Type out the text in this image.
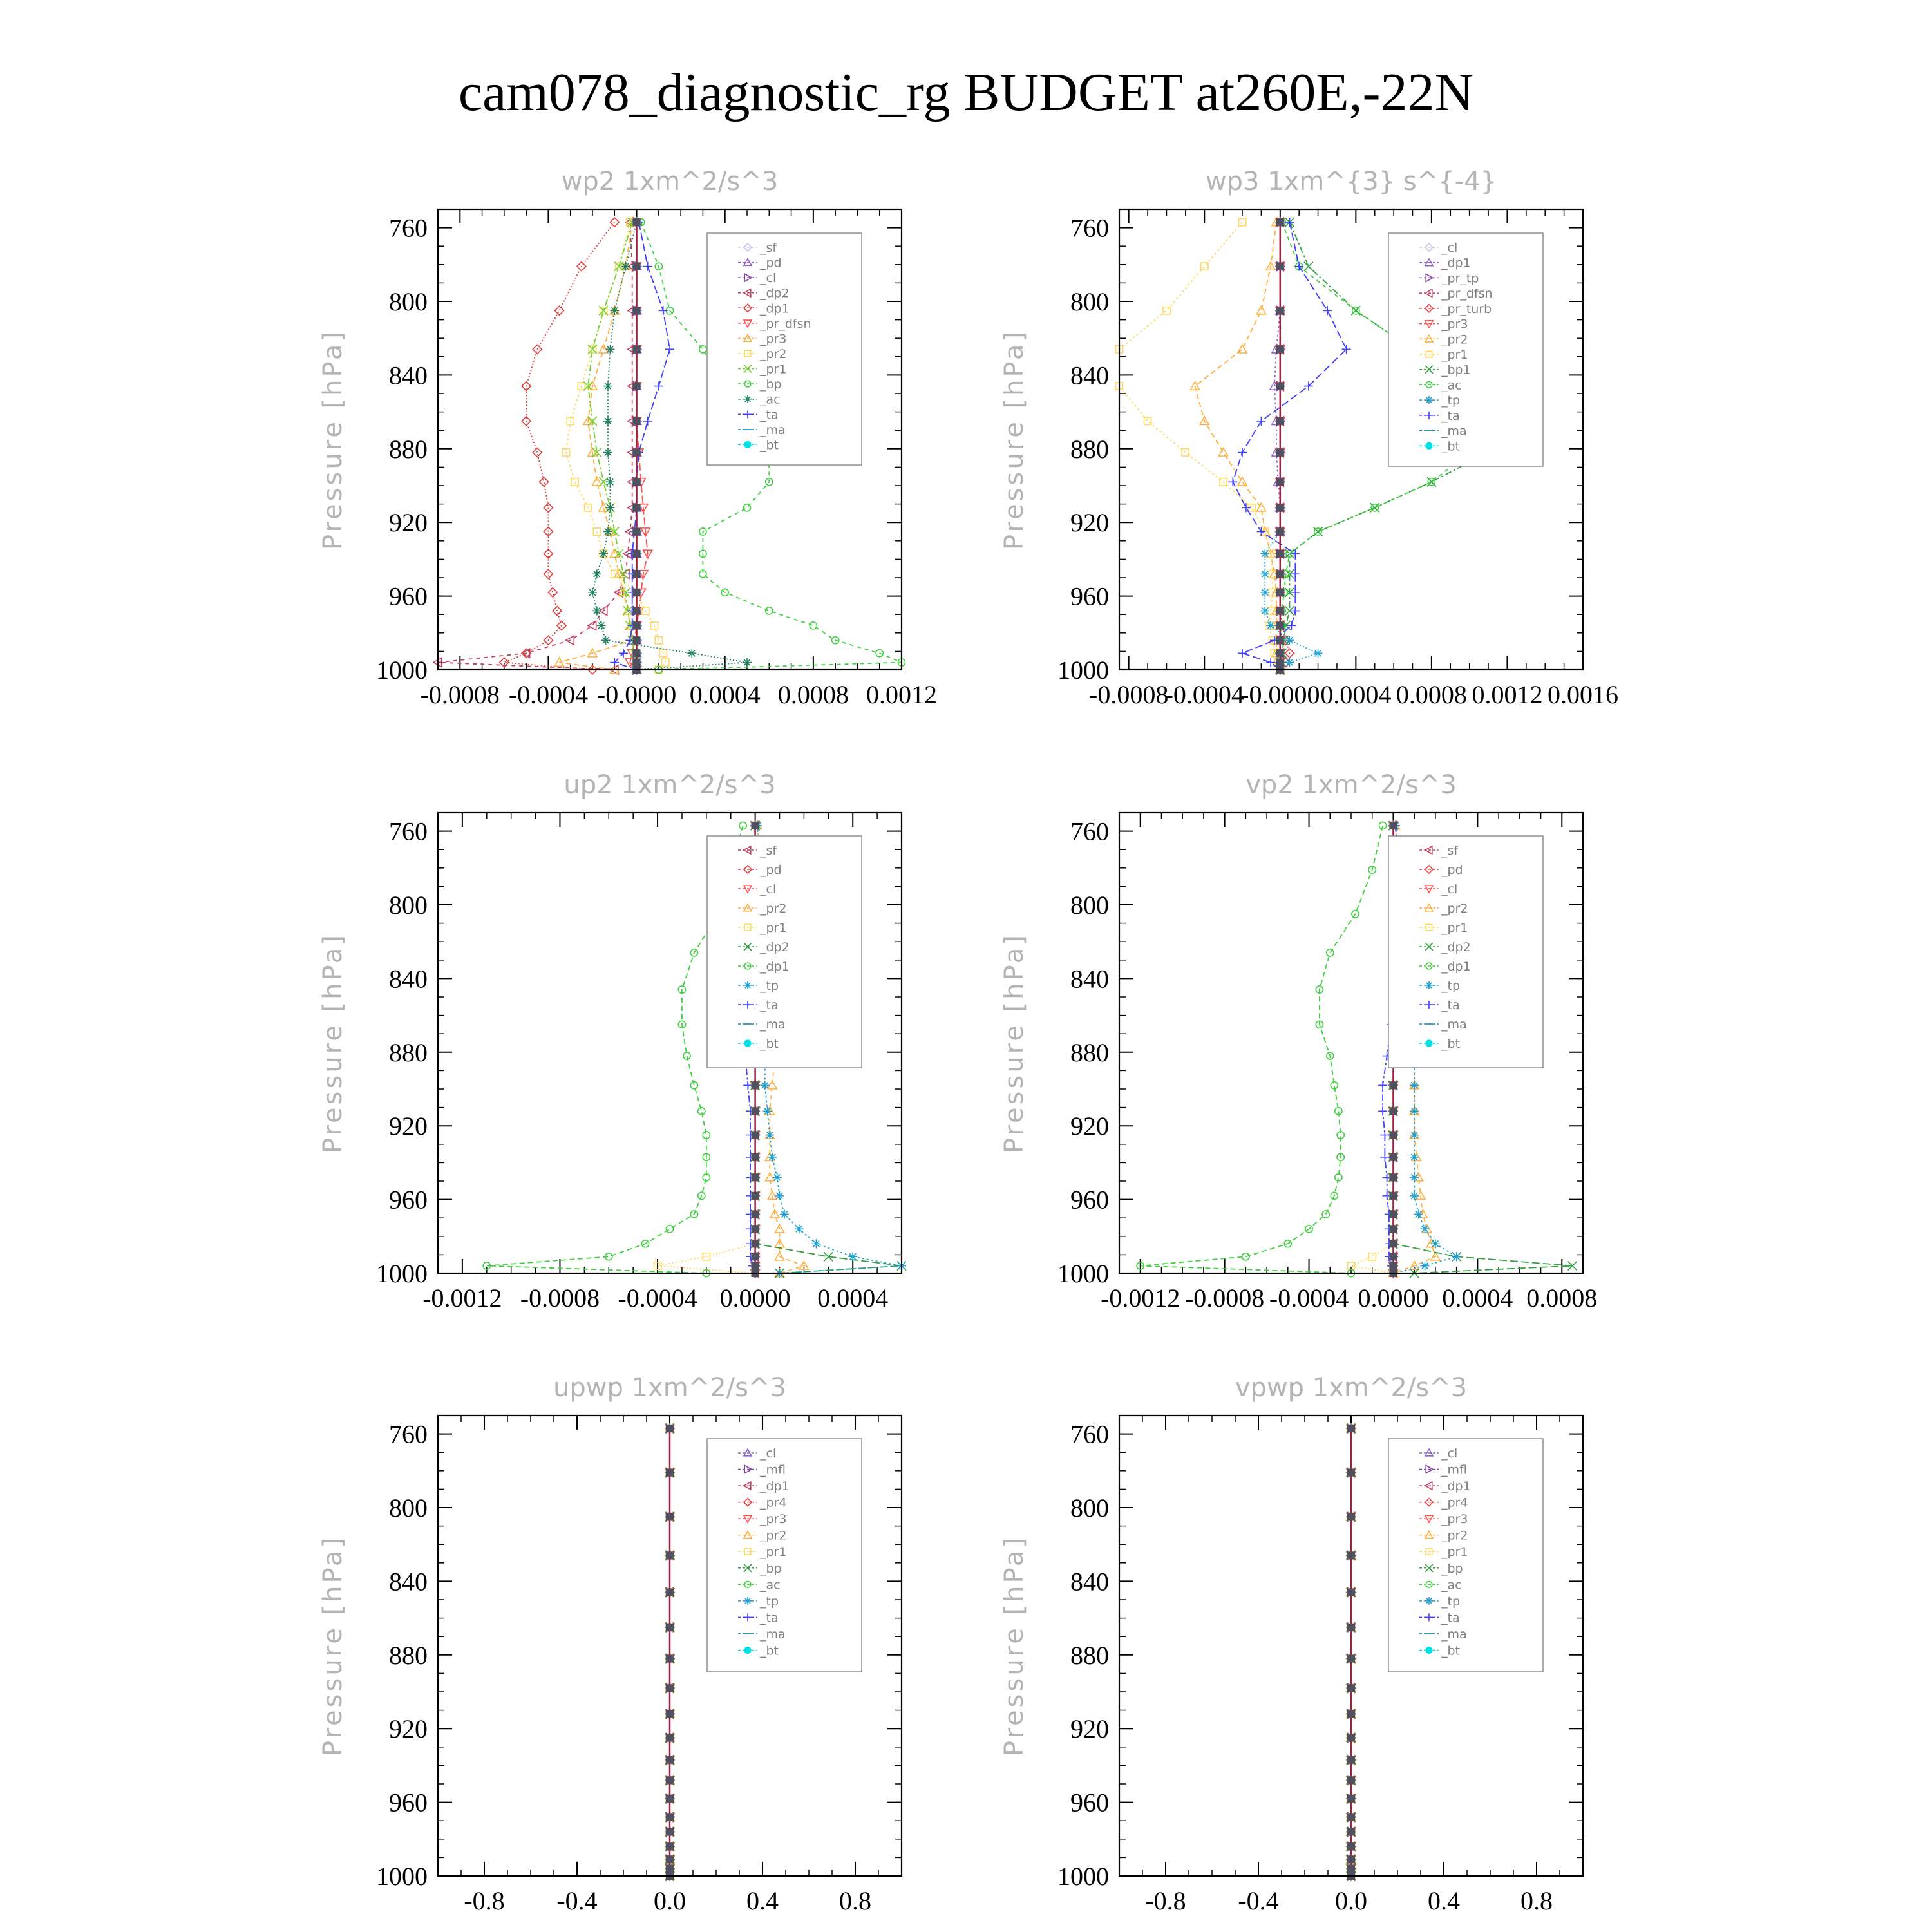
cam078_diagnostic_rg BUDGET at260E,-22N
wp2 1xm^2/s^3
Pressure [hPa]
-0.0008 -0.0004 -0.0000 0.0004 0.0008 0.0012
760
800
840
880
920
960
1000
_sf
_pd
_cl
_dp2
_dp1
_pr_dfsn
_pr3
_pr2
_pr1
_bp
_ac
_ta
_ma
_bt
wp3 1xm^{3} s^{-4}
Pressure [hPa]
-0.0008
-0.0004
-0.0000 0.0004 0.0008 0.0012 0.0016
760
800
840
880
920
960
1000
_cl
_dp1
_pr_tp
_pr_dfsn
_pr_turb
_pr3
_pr2
_pr1
_bp1
_ac
_tp
_ta
_ma
_bt
up2 1xm^2/s^3
Pressure [hPa]
-0.0012 -0.0008 -0.0004 0.0000 0.0004
760
800
840
880
920
960
1000
_sf
_pd
_cl
_pr2
_pr1
_dp2
_dp1
_tp
_ta
_ma
_bt
vp2 1xm^2/s^3
Pressure [hPa]
-0.0012 -0.0008 -0.0004 0.0000 0.0004 0.0008
760
800
840
880
920
960
1000
_sf
_pd
_cl
_pr2
_pr1
_dp2
_dp1
_tp
_ta
_ma
_bt
upwp 1xm^2/s^3
Pressure [hPa]
-0.8 -0.4 0.0 0.4 0.8
760
800
840
880
920
960
1000
_cl
_mfl
_dp1
_pr4
_pr3
_pr2
_pr1
_bp
_ac
_tp
_ta
_ma
_bt
vpwp 1xm^2/s^3
Pressure [hPa]
-0.8 -0.4 0.0 0.4 0.8
760
800
840
880
920
960
1000
_cl
_mfl
_dp1
_pr4
_pr3
_pr2
_pr1
_bp
_ac
_tp
_ta
_ma
_bt
